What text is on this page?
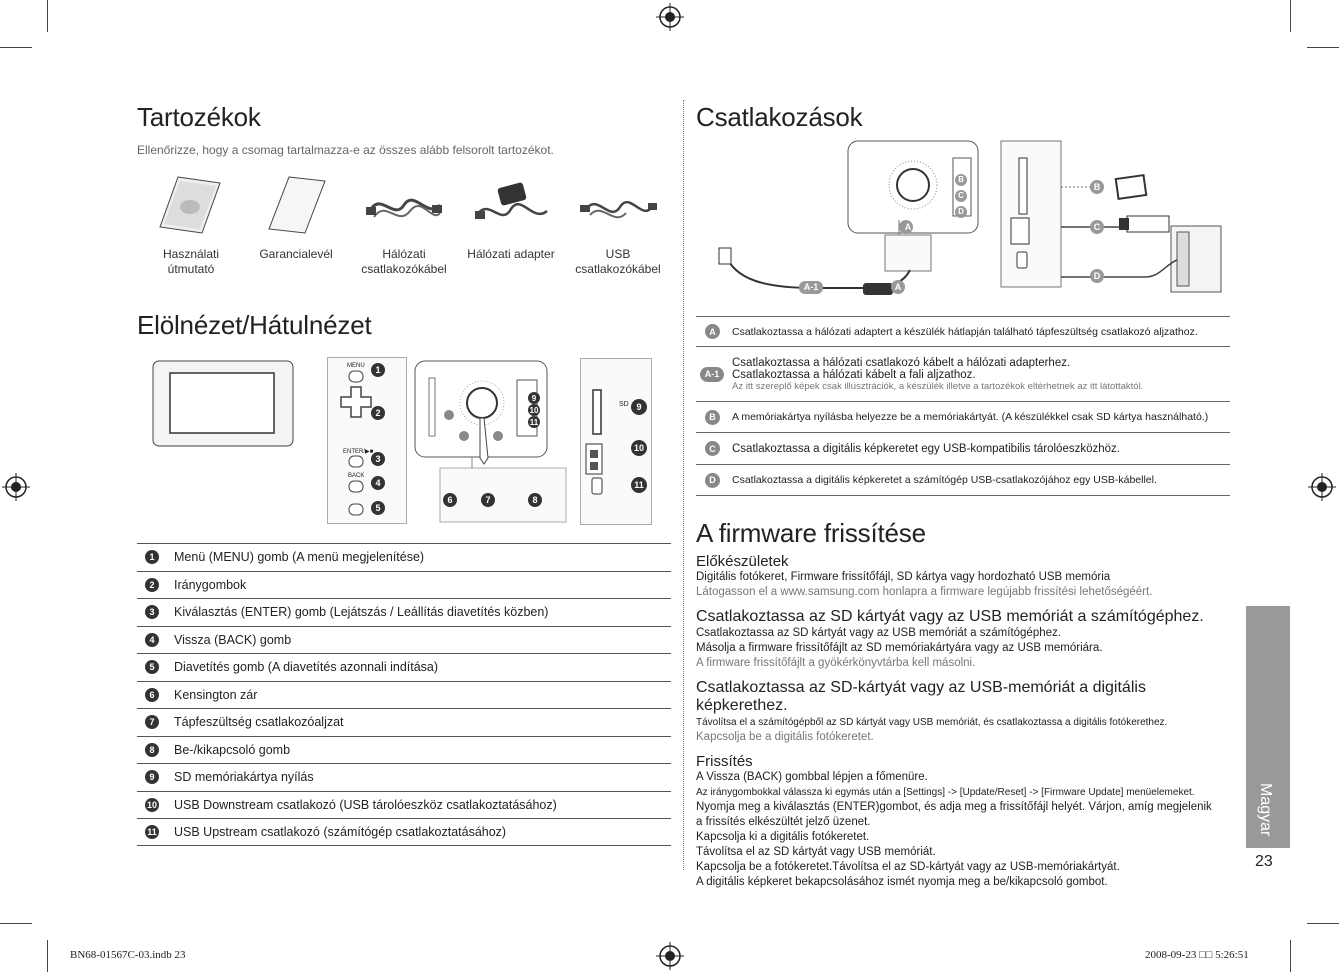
Tartozékok
Ellenőrizze, hogy a csomag tartalmazza-e az összes alább felsorolt tartozékot.
Használati útmutató
Garancialevél	Hálózati csatlakozókábel
Hálózati adapter	USB csatlakozókábel
Elölnézet/Hátulnézet
1
2
3
4
5
MENU
ENTER/▶■
BACK
9
10
11
6	7	8
9
10
11
SD
1	Menü (MENU) gomb (A menü megjelenítése)
2	Iránygombok
3	Kiválasztás (ENTER) gomb (Lejátszás / Leállítás diavetítés közben)
4	Vissza (BACK) gomb
5	Diavetítés gomb (A diavetítés azonnali indítása)
6	Kensington zár
7	Tápfeszültség csatlakozóaljzat
8	Be-/kikapcsoló gomb
9	SD memóriakártya nyílás
10 USB Downstream csatlakozó (USB tárolóeszköz csatlakoztatásához)
11 USB Upstream csatlakozó (számítógép csatlakoztatásához)
Csatlakozások
A
A
A-1
B
C
D
B
C
D
A	Csatlakoztassa a hálózati adaptert a készülék hátlapján található tápfeszültség csatlakozó aljzathoz.
A-1
Csatlakoztassa a hálózati csatlakozó kábelt a hálózati adapterhez.
Csatlakoztassa a hálózati kábelt a fali aljzathoz.
Az itt szereplő képek csak illusztrációk, a készülék illetve a tartozékok eltérhetnek az itt látottaktól.
B	A memóriakártya nyílásba helyezze be a memóriakártyát. (A készülékkel csak SD kártya használható.)
C	Csatlakoztassa a digitális képkeretet egy USB-kompatibilis tárolóeszközhöz.
D	Csatlakoztassa a digitális képkeretet a számítógép USB-csatlakozójához egy USB-kábellel.
A firmware frissítése
Előkészületek
Digitális fotókeret, Firmware frissítőfájl, SD kártya vagy hordozható USB memória
Látogasson el a www.samsung.com honlapra a firmware legújabb frissítési lehetőségéért.
Csatlakoztassa az SD kártyát vagy az USB memóriát a számítógéphez.
Csatlakoztassa az SD kártyát vagy az USB memóriát a számítógéphez.
Másolja a firmware frissítőfájlt az SD memóriakártyára vagy az USB memóriára.
A firmware frissítőfájlt a gyökérkönyvtárba kell másolni.
Csatlakoztassa az SD-kártyát vagy az USB-memóriát a digitális képkerethez.
Távolítsa el a számítógépből az SD kártyát vagy USB memóriát, és csatlakoztassa a digitális fotókerethez.
Kapcsolja be a digitális fotókeretet.
Frissítés
A Vissza (BACK) gombbal lépjen a főmenüre.
Az iránygombokkal válassza ki egymás után a [Settings] -> [Update/Reset] -> [Firmware Update] menüelemeket.
Nyomja meg a kiválasztás (ENTER)gombot, és adja meg a frissítőfájl helyét. Várjon, amíg megjelenik
a frissítés elkészültét jelző üzenet.
Kapcsolja ki a digitális fotókeretet.
Távolítsa el az SD kártyát vagy USB memóriát.
Kapcsolja be a fotókeretet.Távolítsa el az SD-kártyát vagy az USB-memóriakártyát.
A digitális képkeret bekapcsolásához ismét nyomja meg a be/kikapcsoló gombot.
Magyar
23
BN68-01567C-03.indb 23	2008-09-23 □□ 5:26:51
